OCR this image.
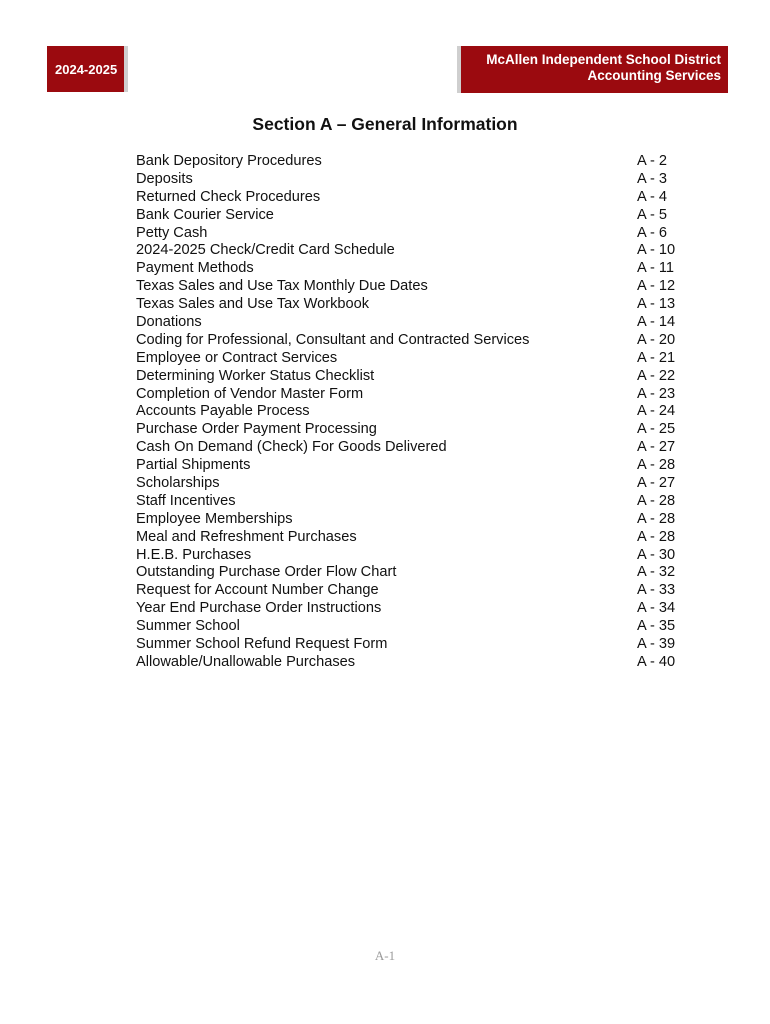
2024-2025
McAllen Independent School District
Accounting Services
Section A – General Information
Bank Depository Procedures	A - 2
Deposits	A - 3
Returned Check Procedures	A - 4
Bank Courier Service	A - 5
Petty Cash	A - 6
2024-2025 Check/Credit Card Schedule	A - 10
Payment Methods	A - 11
Texas Sales and Use Tax Monthly Due Dates	A - 12
Texas Sales and Use Tax Workbook	A - 13
Donations	A - 14
Coding for Professional, Consultant and Contracted Services	A - 20
Employee or Contract Services	A - 21
Determining Worker Status Checklist	A - 22
Completion of Vendor Master Form	A - 23
Accounts Payable Process	A - 24
Purchase Order Payment Processing	A - 25
Cash On Demand (Check) For Goods Delivered	A - 27
Partial Shipments	A - 28
Scholarships	A - 27
Staff Incentives	A - 28
Employee Memberships	A - 28
Meal and Refreshment Purchases	A - 28
H.E.B. Purchases	A - 30
Outstanding Purchase Order Flow Chart	A - 32
Request for Account Number Change	A - 33
Year End Purchase Order Instructions	A - 34
Summer School	A - 35
Summer School Refund Request Form	A - 39
Allowable/Unallowable Purchases	A - 40
A-1
